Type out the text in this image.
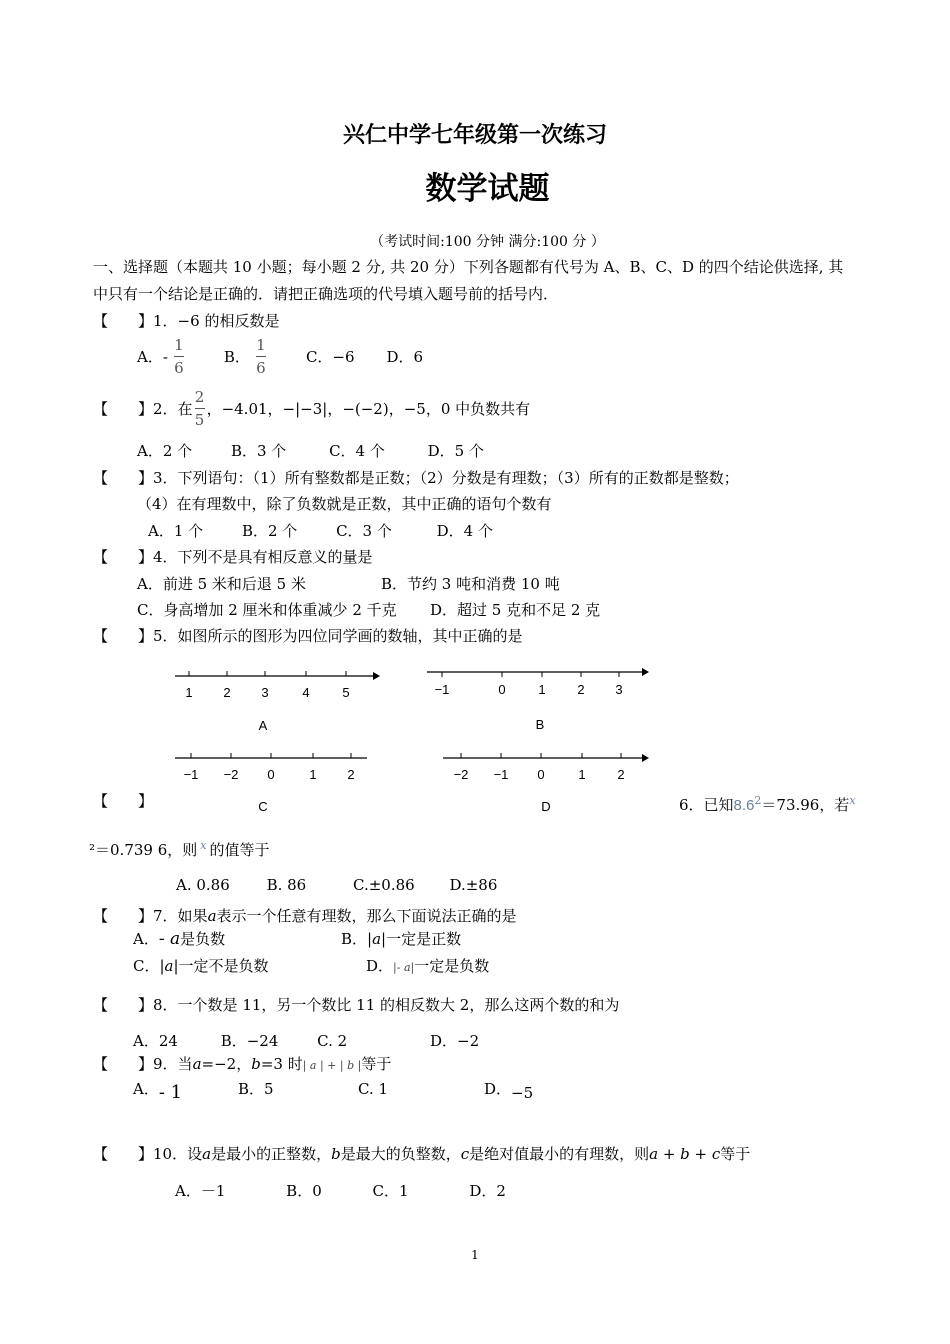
兴仁中学七年级第一次练习
数学试题
（考试时间:100 分钟 满分:100 分 ）
一、选择题（本题共 10 小题；每小题 2 分, 共 20 分）下列各题都有代号为 A、B、C、D 的四个结论供选择, 其
中只有一个结论是正确的．请把正确选项的代号填入题号前的括号内．
【　　】1．−6 的相反数是
A．- $\frac{1}{6}$	B． $\frac{1}{6}$	C．−6 D．6
【　　】 2．在 $\frac{2}{5}$ ，−4.01，−|−3|，−(−2)，−5，0 中负数共有
A．2 个	B．3 个	C．4 个	D．5 个
【　　】3．下列语句：（1）所有整数都是正数；（2）分数是有理数；（3）所有的正数都是整数；
（4）在有理数中，除了负数就是正数，其中正确的语句个数有
A．1 个	B．2 个	C．3 个	D．4 个
【　　】4．下列不是具有相反意义的量是
A．前进 5 米和后退 5 米	B．节约 3 吨和消费 10 吨
C．身高增加 2 厘米和体重减少 2 千克 D．超过 5 克和不足 2 克
【　　】5．如图所示的图形为四位同学画的数轴，其中正确的是
1 2 3	4	5
A
−1	0	1 2 3
B
−1 −2 0	1 2
C
−2 −1 0	1 2
D
【　　】	6．已知$8.6^2=73.96$，若$^x$
²＝0.739 6，则 $^x$ 的值等于
A. 0.86 B. 86	C.±0.86 D.±86
【　　】7．如果a表示一个任意有理数，那么下面说法正确的是
A．- a是负数	B．|a|一定是正数
C．|a|一定不是负数	D．|- a|一定是负数
【　　】8．一个数是 11，另一个数比 11 的相反数大 2，那么这两个数的和为
A．24	B．−24	C. 2	D．−2
【　　】9．当a=−2，b=3 时| a | + | b |等于
A．- 1	B．5	C. 1	D．−5
【　　】10．设a是最小的正整数，b是最大的负整数，c是绝对值最小的有理数，则a + b + c等于
A．－1	B．0	C．1	D．2
1
